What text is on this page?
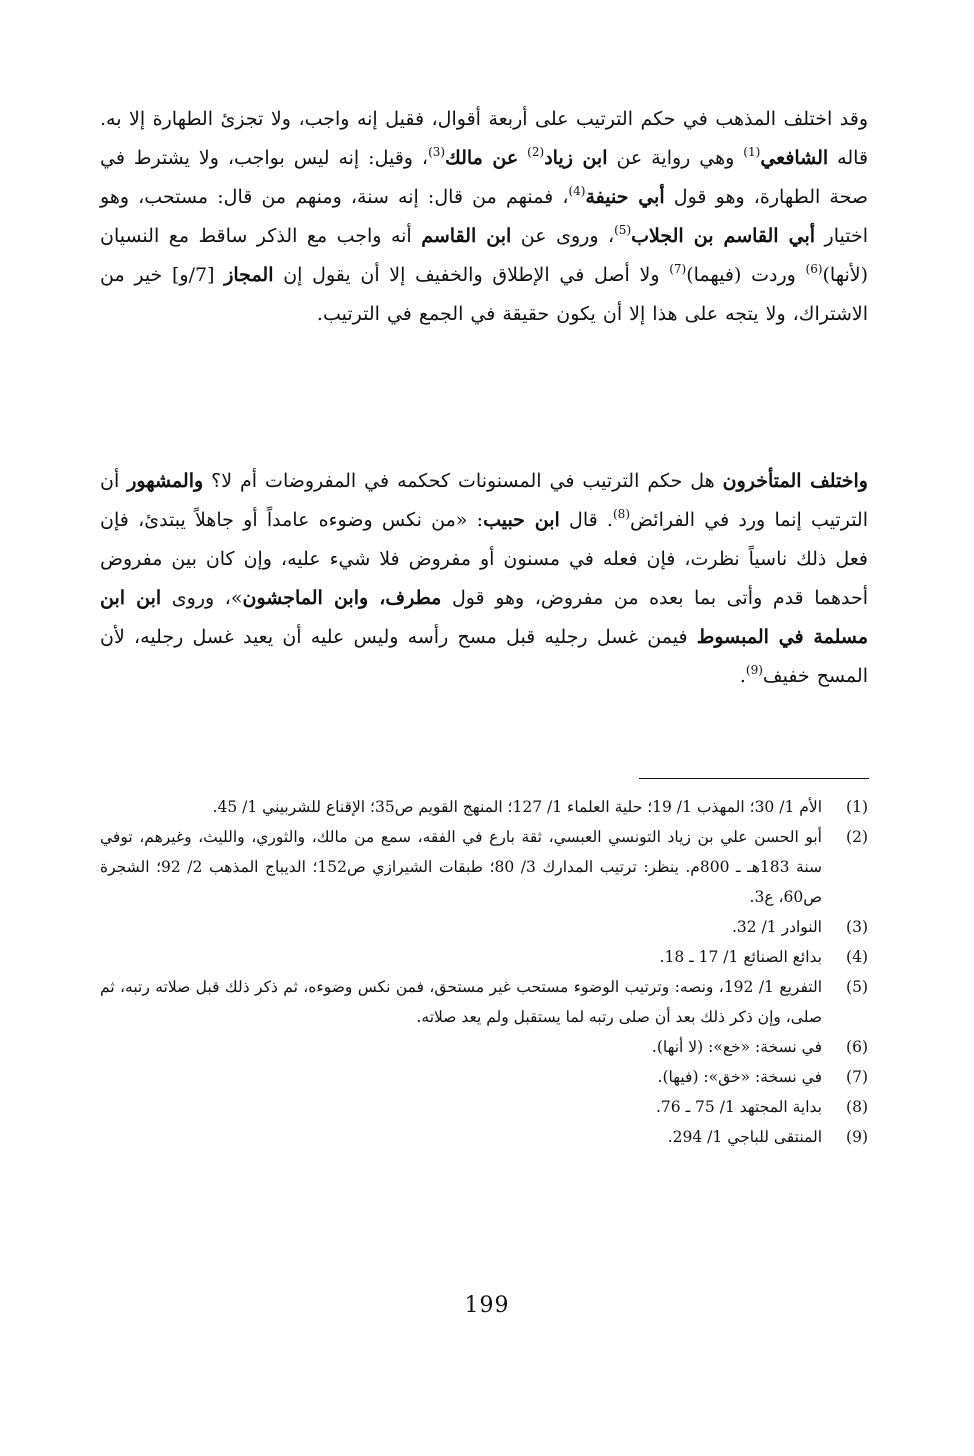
وقد اختلف المذهب في حكم الترتيب على أربعة أقوال، فقيل إنه واجب، ولا تجزئ الطهارة إلا به. قاله الشافعي$^{(1)}$ وهي رواية عن ابن زياد$^{(2)}$ عن مالك$^{(3)}$، وقيل: إنه ليس بواجب، ولا يشترط في صحة الطهارة، وهو قول أبي حنيفة$^{(4)}$، فمنهم من قال: إنه سنة، ومنهم من قال: مستحب، وهو اختيار أبي القاسم بن الجلاب$^{(5)}$، وروى عن ابن القاسم أنه واجب مع الذكر ساقط مع النسيان (لأنها)$^{(6)}$ وردت (فيهما)$^{(7)}$ ولا أصل في الإطلاق والخفيف إلا أن يقول إن المجاز [7/و] خير من الاشتراك، ولا يتجه على هذا إلا أن يكون حقيقة في الجمع في الترتيب.

واختلف المتأخرون هل حكم الترتيب في المسنونات كحكمه في المفروضات أم لا؟ والمشهور أن الترتيب إنما ورد في الفرائض$^{(8)}$. قال ابن حبيب: «من نكس وضوءه عامداً أو جاهلاً يبتدئ، فإن فعل ذلك ناسياً نظرت، فإن فعله في مسنون أو مفروض فلا شيء عليه، وإن كان بين مفروض أحدهما قدم وأتى بما بعده من مفروض، وهو قول مطرف، وابن الماجشون»، وروى ابن ابن مسلمة في المبسوط فيمن غسل رجليه قبل مسح رأسه وليس عليه أن يعيد غسل رجليه، لأن المسح خفيف$^{(9)}$.

(1)
الأم 1/ 30؛ المهذب 1/ 19؛ حلية العلماء 1/ 127؛ المنهج القويم ص35؛ الإقناع للشربيني 1/ 45.
(2)
أبو الحسن علي بن زياد التونسي العبسي، ثقة بارع في الفقه، سمع من مالك، والثوري، والليث، وغيرهم، توفي سنة 183هـ ـ 800م. ينظر: ترتيب المدارك 3/ 80؛ طبقات الشيرازي ص152؛ الديباج المذهب 2/ 92؛ الشجرة ص60، ع3.
(3)
النوادر 1/ 32.
(4)
بدائع الصنائع 1/ 17 ـ 18.
(5)
التفريع 1/ 192، ونصه: وترتيب الوضوء مستحب غير مستحق، فمن نكس وضوءه، ثم ذكر ذلك قبل صلاته رتبه، ثم صلى، وإن ذكر ذلك بعد أن صلى رتبه لما يستقبل ولم يعد صلاته.
(6)
في نسخة: «خع»: (لا أنها).
(7)
في نسخة: «خق»: (فيها).
(8)
بداية المجتهد 1/ 75 ـ 76.
(9)
المنتقى للباجي 1/ 294.
199
